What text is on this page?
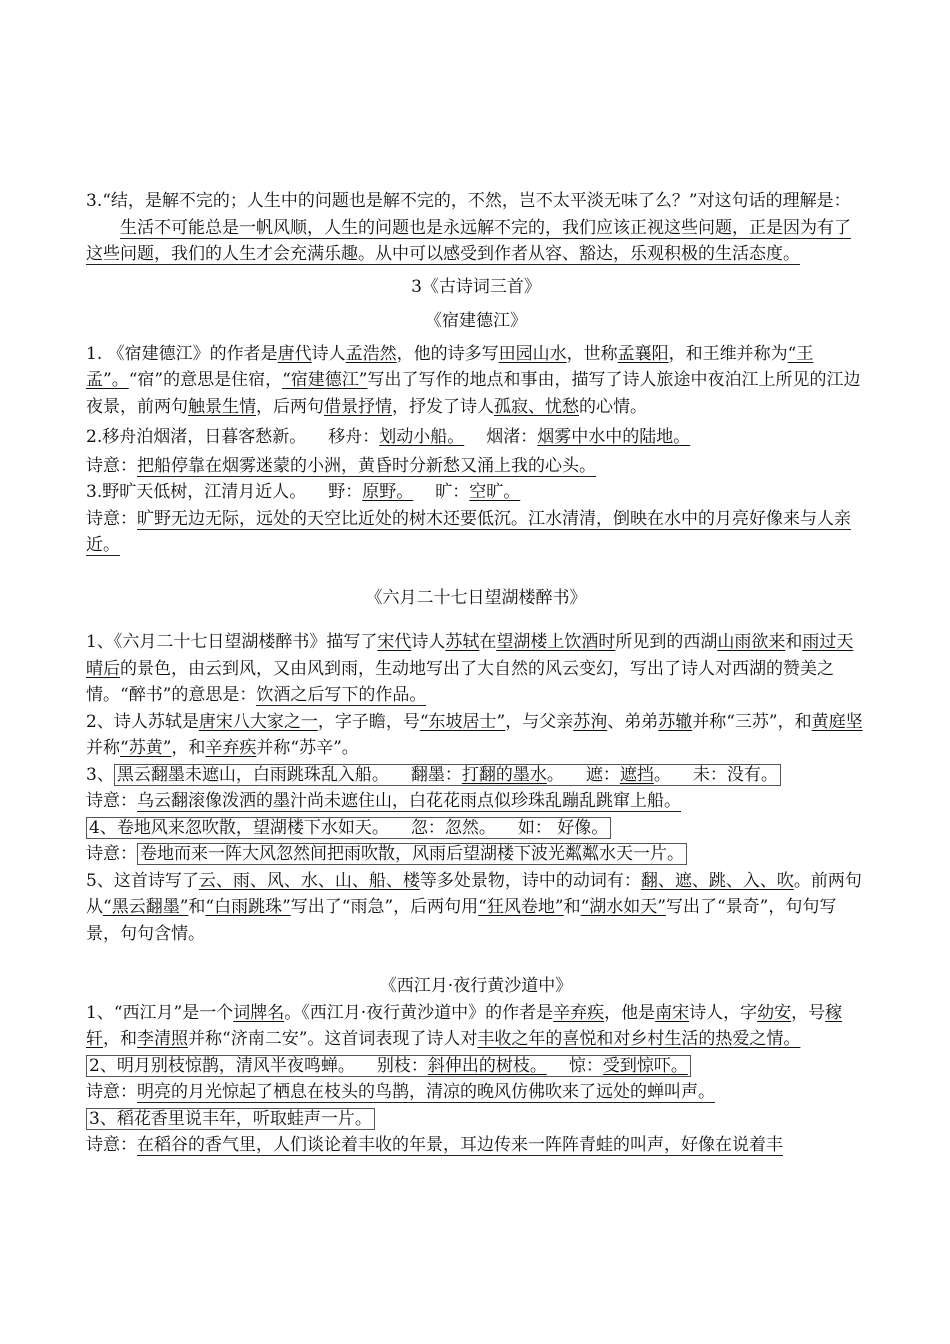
3.“结，是解不完的；人生中的问题也是解不完的，不然，岂不太平淡无味了么？”对这句话的理解是：

生活不可能总是一帆风顺，人生的问题也是永远解不完的，我们应该正视这些问题，正是因为有了这些问题，我们的人生才会充满乐趣。从中可以感受到作者从容、豁达，乐观积极的生活态度。

3《古诗词三首》

《宿建德江》

1. 《宿建德江》的作者是唐代诗人孟浩然，他的诗多写田园山水，世称孟襄阳，和王维并称为“王孟”。“宿”的意思是住宿，“宿建德江”写出了写作的地点和事由，描写了诗人旅途中夜泊江上所见的江边夜景，前两句触景生情，后两句借景抒情，抒发了诗人孤寂、忧愁的心情。

2.移舟泊烟渚，日暮客愁新。 移舟：划动小船。 烟渚：烟雾中水中的陆地。

诗意：把船停靠在烟雾迷蒙的小洲，黄昏时分新愁又涌上我的心头。

3.野旷天低树，江清月近人。 野：原野。 旷：空旷。

诗意：旷野无边无际，远处的天空比近处的树木还要低沉。江水清清，倒映在水中的月亮好像来与人亲近。

《六月二十七日望湖楼醉书》

1、《六月二十七日望湖楼醉书》描写了宋代诗人苏轼在望湖楼上饮酒时所见到的西湖山雨欲来和雨过天晴后的景色，由云到风，又由风到雨，生动地写出了大自然的风云变幻，写出了诗人对西湖的赞美之情。“醉书”的意思是：饮酒之后写下的作品。

2、诗人苏轼是唐宋八大家之一，字子瞻，号“东坡居士”，与父亲苏洵、弟弟苏辙并称“三苏”，和黄庭坚并称“苏黄”，和辛弃疾并称“苏辛”。

3、 黑云翻墨未遮山，白雨跳珠乱入船。 翻墨：打翻的墨水。 遮：遮挡。 未：没有。

诗意：乌云翻滚像泼洒的墨汁尚未遮住山，白花花雨点似珍珠乱蹦乱跳窜上船。

4、卷地风来忽吹散，望湖楼下水如天。 忽：忽然。 如： 好像。

诗意： 卷地而来一阵大风忽然间把雨吹散，风雨后望湖楼下波光粼粼水天一片。

5、这首诗写了云、雨、风、水、山、船、楼等多处景物，诗中的动词有：翻、遮、跳、入、吹。前两句从“黑云翻墨”和“白雨跳珠”写出了“雨急”，后两句用“狂风卷地”和“湖水如天”写出了“景奇”，句句写景，句句含情。

《西江月·夜行黄沙道中》

1、“西江月”是一个词牌名。《西江月·夜行黄沙道中》的作者是辛弃疾，他是南宋诗人，字幼安，号稼轩，和李清照并称“济南二安”。这首词表现了诗人对丰收之年的喜悦和对乡村生活的热爱之情。

2、明月别枝惊鹊，清风半夜鸣蝉。 别枝：斜伸出的树枝。 惊：受到惊吓。

诗意：明亮的月光惊起了栖息在枝头的鸟鹊，清凉的晚风仿佛吹来了远处的蝉叫声。

3、稻花香里说丰年，听取蛙声一片。

诗意：在稻谷的香气里，人们谈论着丰收的年景，耳边传来一阵阵青蛙的叫声，好像在说着丰
